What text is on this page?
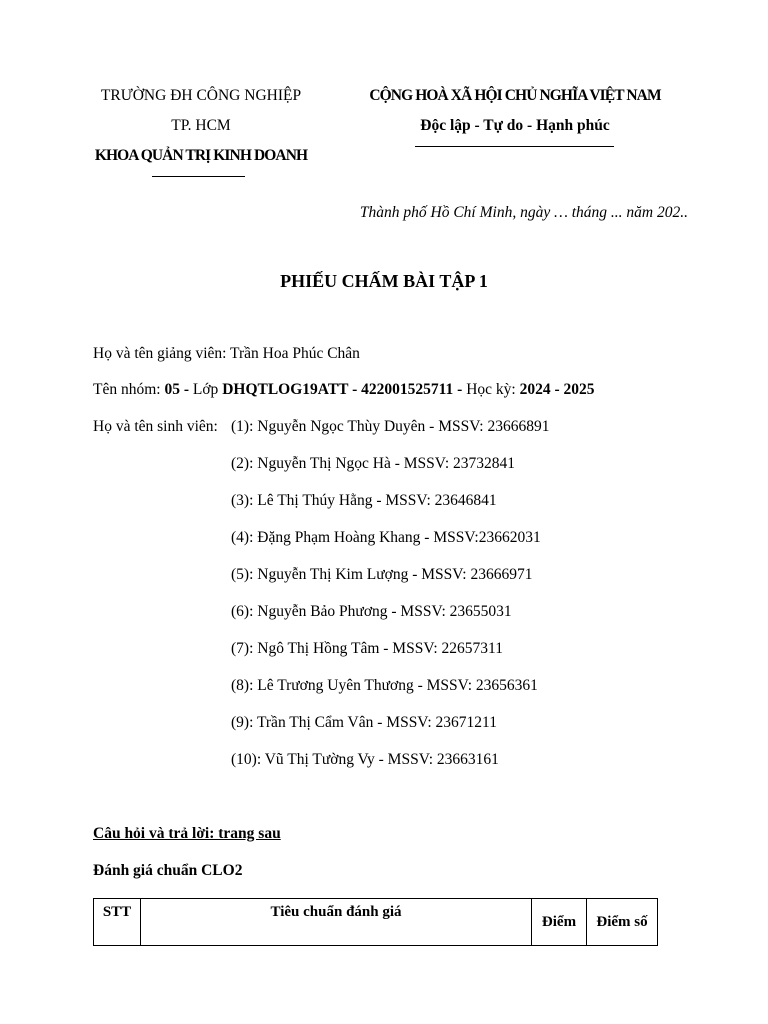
TRƯỜNG ĐH CÔNG NGHIỆP
TP. HCM
KHOA QUẢN TRỊ KINH DOANH
CỘNG HOÀ XÃ HỘI CHỦ NGHĨA VIỆT NAM
Độc lập - Tự do - Hạnh phúc
Thành phố Hồ Chí Minh, ngày … tháng ... năm 202..
PHIẾU CHẤM BÀI TẬP 1
Họ và tên giảng viên: Trần Hoa Phúc Chân
Tên nhóm: 05 - Lớp DHQTLOG19ATT - 422001525711 - Học kỳ: 2024 - 2025
Họ và tên sinh viên: (1): Nguyễn Ngọc Thùy Duyên - MSSV: 23666891
(2): Nguyễn Thị Ngọc Hà - MSSV: 23732841
(3): Lê Thị Thúy Hằng - MSSV: 23646841
(4): Đặng Phạm Hoàng Khang - MSSV:23662031
(5): Nguyễn Thị Kim Lượng - MSSV: 23666971
(6): Nguyễn Bảo Phương - MSSV: 23655031
(7): Ngô Thị Hồng Tâm - MSSV: 22657311
(8): Lê Trương Uyên Thương - MSSV: 23656361
(9): Trần Thị Cẩm Vân - MSSV: 23671211
(10): Vũ Thị Tường Vy - MSSV: 23663161
Câu hỏi và trả lời: trang sau
Đánh giá chuẩn CLO2
STT	Tiêu chuẩn đánh giá	Điểm	Điểm số
